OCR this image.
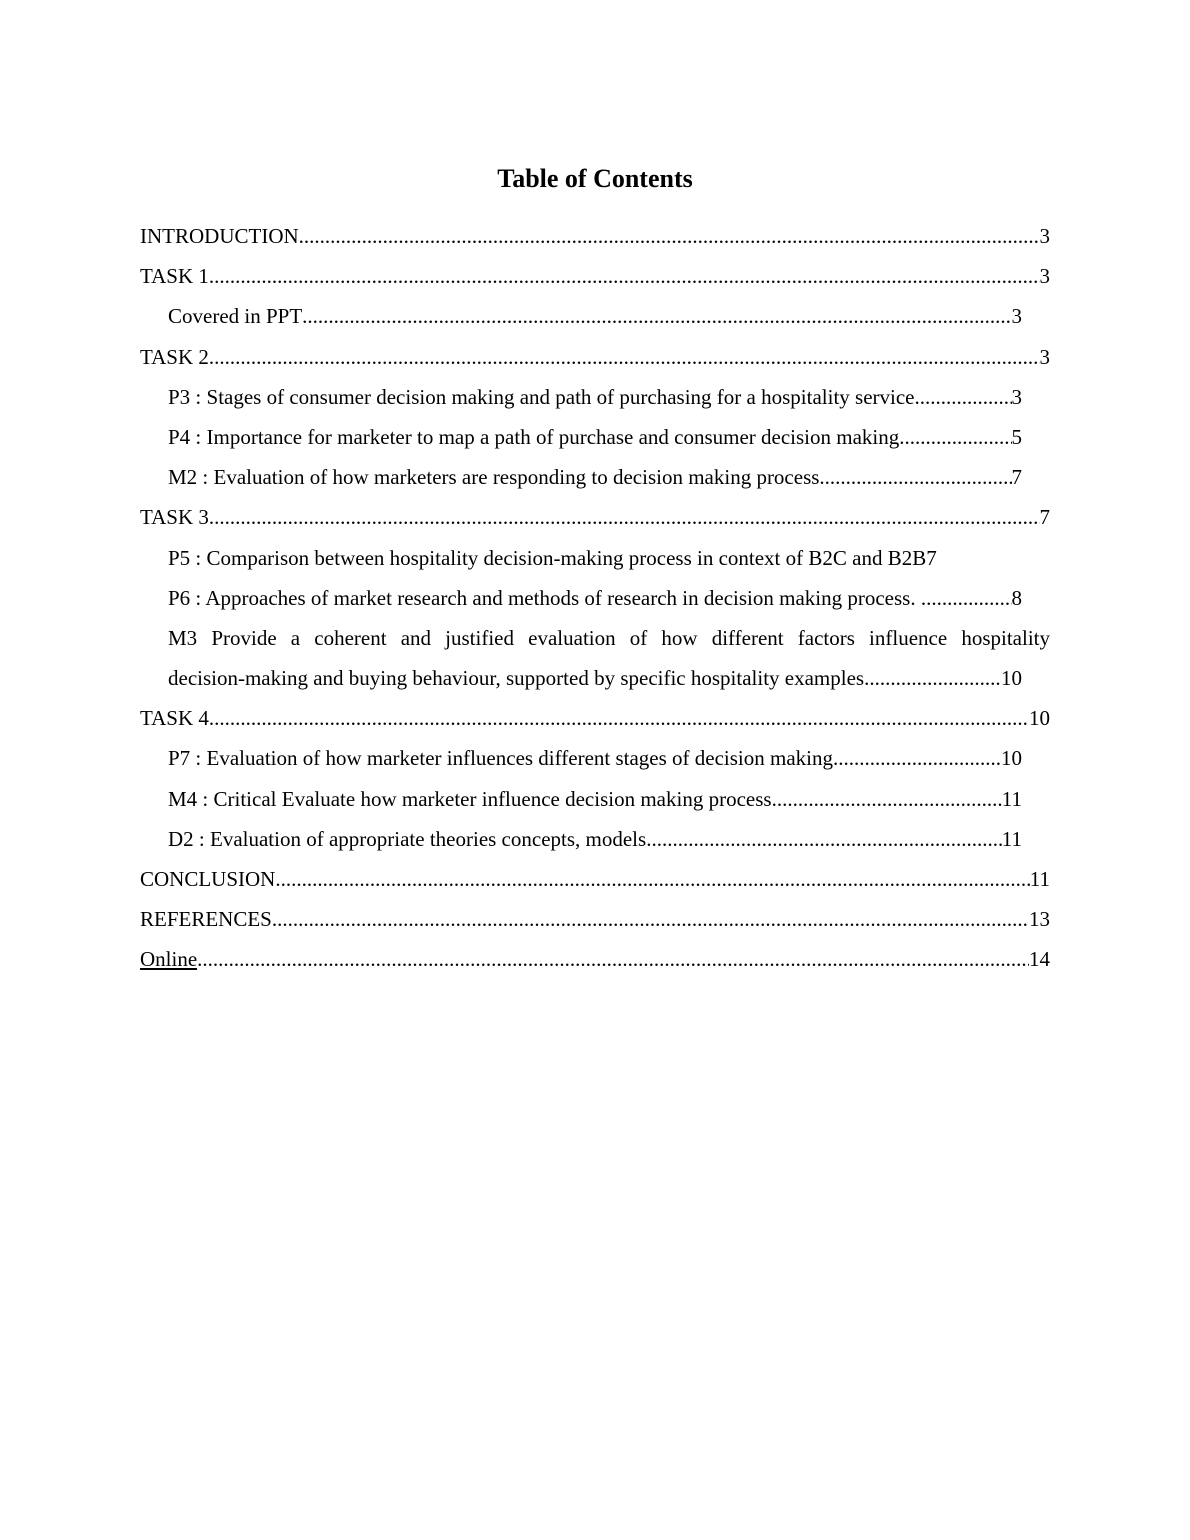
Table of Contents
INTRODUCTION .....	3
TASK 1 .....	3
Covered in PPT .....	3
TASK 2 .....	3
P3 : Stages of consumer decision making and path of purchasing for a hospitality service. .....	3
P4 : Importance for marketer to map a path of purchase and consumer decision making .....	5
M2 : Evaluation of how marketers are responding to decision making process .....	7
TASK 3 .....	7
P5 : Comparison between hospitality decision-making process in context of B2C and B2B 7
P6 : Approaches of market research and methods of research in decision making process. .....	8
M3 Provide a coherent and justified evaluation of how different factors influence hospitality
decision-making and buying behaviour, supported by specific hospitality examples .....	10
TASK 4 .....	10
P7 : Evaluation of how marketer influences different stages of decision making .....	10
M4 : Critical Evaluate how marketer influence decision making process .....	11
D2 : Evaluation of appropriate theories concepts, models .....	11
CONCLUSION .....	11
REFERENCES .....	13
Online .....	14
